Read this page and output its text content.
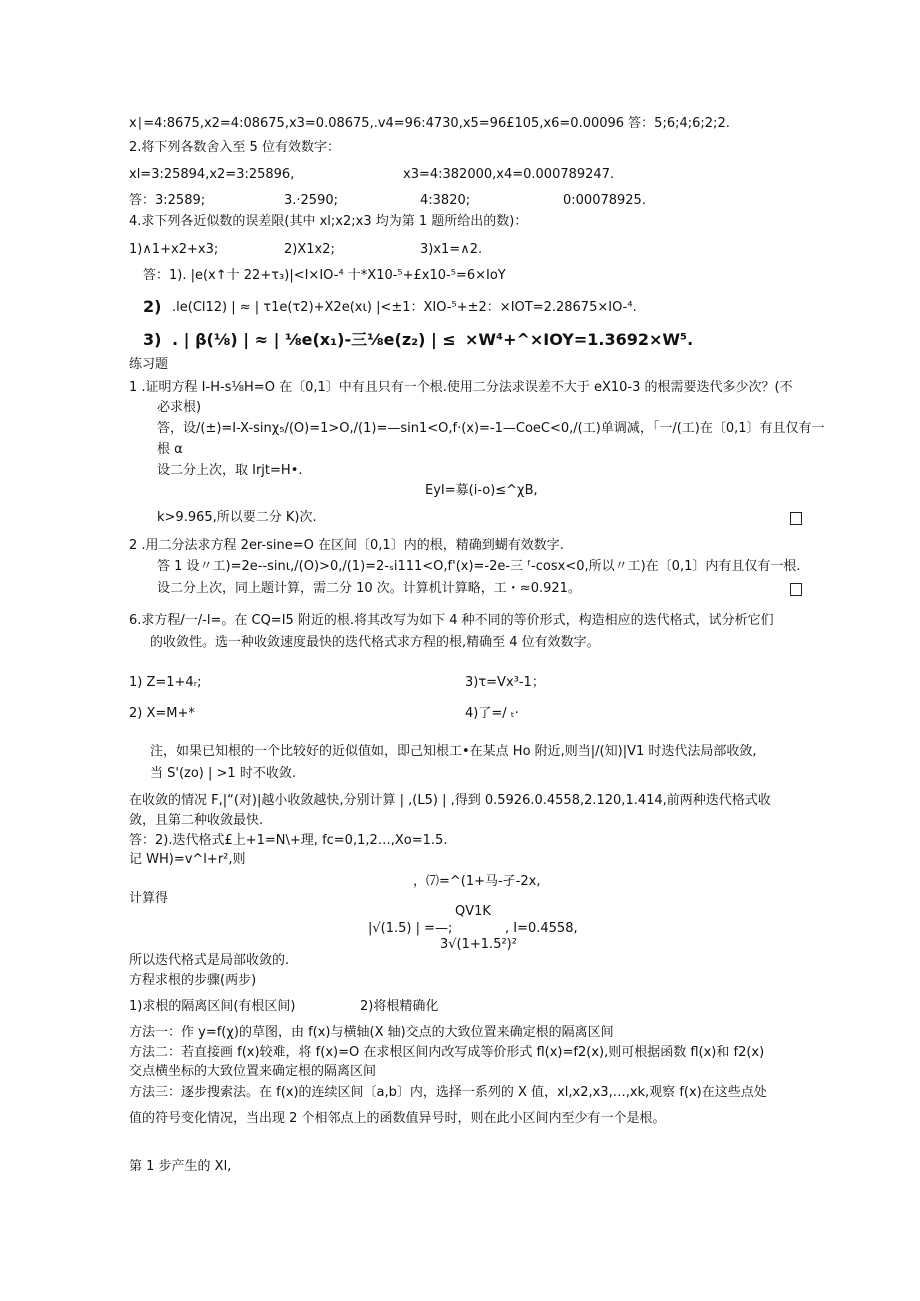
x∣=4:8675,x2=4:08675,x3=0.08675,.v4=96:4730,x5=96£105,x6=0.00096 答：5;6;4;6;2;2.
2.将下列各数舍入至 5 位有效数字：
xl=3:25894,x2=3:25896,	x3=4:382000,x4=0.000789247.
答：3:2589;	3.·2590;	4:3820;	0:00078925.
4.求下列各近似数的误差限(其中 xl;x2;x3 均为第 1 题所给出的数)：
1)∧1+x2+x3;	2)X1x2;	3)x1=∧2.
答：1). |e(x↑十 22+τ₃)|<I×IO-⁴ 十*X10-⁵+£x10-⁵=6×IoY
2) .le(Cl12) | ≈ | τ1e(τ2)+X2e(xι) |<±1：XIO-⁵+±2：×IOT=2.28675×IO-⁴.
3) . | β(⅛) | ≈ | ⅛e(x₁)-三⅛e(z₂) | ≤ ×W⁴+^×IOY=1.3692×W⁵.
练习题
1 .证明方程 I-H-s⅛H=O 在〔0,1〕中有且只有一个根.使用二分法求误差不大于 eX10-3 的根需要迭代多少次？(不
必求根)
答，设/(±)=I-X-sinχ₅/(O)=1>O,/(1)=—sin1<O,f·(x)=-1—CoeC<0,/(工)单调减，「一/(工)在〔0,1〕有且仅有一
根 α
设二分上次，取 Irjt=H•.
EyI=募(i-o)≤^χB,
k>9.965,所以要二分 K)次.
2 .用二分法求方程 2er-sine=O 在区间〔0,1〕内的根，精确到蝴有效数字.
答 1 设〃工)=2e--sinι,/(O)>0,/(1)=2-ₛi111<O,f'(x)=-2e-三 ᶠ-cosx<0,所以〃工)在〔0,1〕内有且仅有一根.
设二分上次，同上题计算，需二分 10 次。计算机计算略，工・≈0.921。
6.求方程/一/-l=。在 CQ=I5 附近的根.将其改写为如下 4 种不同的等价形式，构造相应的迭代格式，试分析它们
的收敛性。选一种收敛速度最快的迭代格式求方程的根,精确至 4 位有效数字。
1) Z=1+4ᵣ;	3)τ=Vx³-1；
2) X=M+*	4)了=/ ₜ·
注，如果已知根的一个比较好的近似值如，即己知根工•在某点 Ho 附近,则当|/(知)|V1 时迭代法局部收敛,
当 S'(zo) | >1 时不收敛.
在收敛的情况 F,|“(对)|越小收敛越快,分别计算 | ,(L5) | ,得到 0.5926.0.4558,2.120,1.414,前两种迭代格式收
敛，且第二种收敛最快.
答：2).迭代格式£上+1=N\+理, fc=0,1,2…,Xo=1.5.
记 WH)=v^l+r²,则
，⑺=^(1+马-孑-2x,
计算得
QV1K
|√(1.5) | =—;	, I=0.4558,
3√(1+1.5²)²
所以迭代格式是局部收敛的.
方程求根的步骤(两步)
1)求根的隔离区间(有根区间)	2)将根精确化
方法一：作 y=f(χ)的草图，由 f(x)与横轴(X 轴)交点的大致位置来确定根的隔离区间
方法二：若直接画 f(x)较难，将 f(x)=O 在求根区间内改写成等价形式 fl(x)=f2(x),则可根据函数 fl(x)和 f2(x)
交点横坐标的大致位置来确定根的隔离区间
方法三：逐步搜索法。在 f(x)的连续区间〔a,b〕内，选择一系列的 X 值，xl,x2,x3,…,xk,观察 f(x)在这些点处
值的符号变化情况，当出现 2 个相邻点上的函数值异号时，则在此小区间内至少有一个是根。
第 1 步产生的 Xl,
